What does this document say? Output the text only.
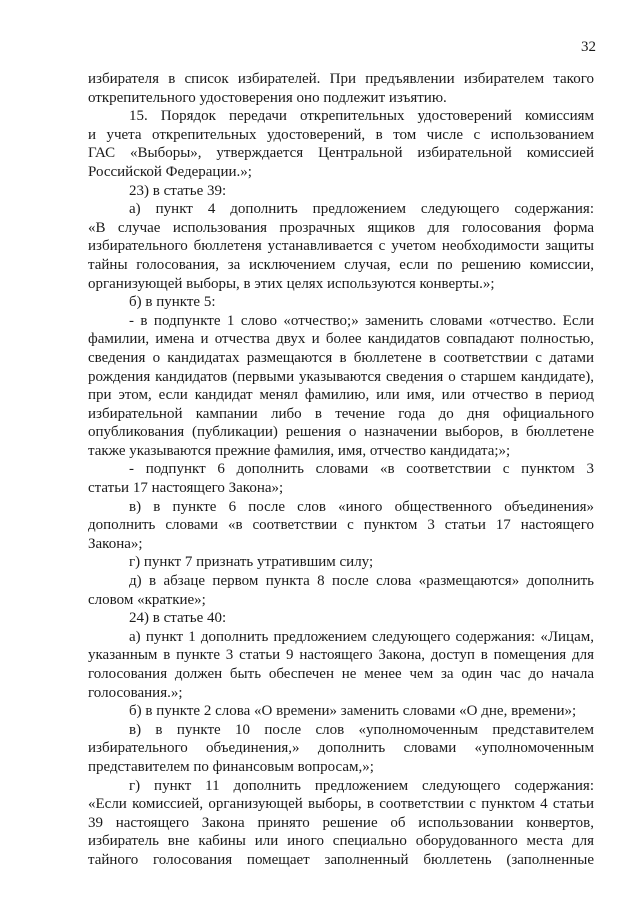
32
избирателя в список избирателей. При предъявлении избирателем такого
открепительного удостоверения оно подлежит изъятию.
15. Порядок передачи открепительных удостоверений комиссиям
и учета открепительных удостоверений, в том числе с использованием
ГАС «Выборы», утверждается Центральной избирательной комиссией
Российской Федерации.»;
23) в статье 39:
а) пункт 4 дополнить предложением следующего содержания:
«В случае использования прозрачных ящиков для голосования форма
избирательного бюллетеня устанавливается с учетом необходимости защиты
тайны голосования, за исключением случая, если по решению комиссии,
организующей выборы, в этих целях используются конверты.»;
б) в пункте 5:
- в подпункте 1 слово «отчество;» заменить словами «отчество. Если
фамилии, имена и отчества двух и более кандидатов совпадают полностью,
сведения о кандидатах размещаются в бюллетене в соответствии с датами
рождения кандидатов (первыми указываются сведения о старшем кандидате),
при этом, если кандидат менял фамилию, или имя, или отчество в период
избирательной кампании либо в течение года до дня официального
опубликования (публикации) решения о назначении выборов, в бюллетене
также указываются прежние фамилия, имя, отчество кандидата;»;
- подпункт 6 дополнить словами «в соответствии с пунктом 3
статьи 17 настоящего Закона»;
в) в пункте 6 после слов «иного общественного объединения»
дополнить словами «в соответствии с пунктом 3 статьи 17 настоящего
Закона»;
г) пункт 7 признать утратившим силу;
д) в абзаце первом пункта 8 после слова «размещаются» дополнить
словом «краткие»;
24) в статье 40:
а) пункт 1 дополнить предложением следующего содержания: «Лицам,
указанным в пункте 3 статьи 9 настоящего Закона, доступ в помещения для
голосования должен быть обеспечен не менее чем за один час до начала
голосования.»;
б) в пункте 2 слова «О времени» заменить словами «О дне, времени»;
в) в пункте 10 после слов «уполномоченным представителем
избирательного объединения,» дополнить словами «уполномоченным
представителем по финансовым вопросам,»;
г) пункт 11 дополнить предложением следующего содержания:
«Если комиссией, организующей выборы, в соответствии с пунктом 4 статьи
39 настоящего Закона принято решение об использовании конвертов,
избиратель вне кабины или иного специально оборудованного места для
тайного голосования помещает заполненный бюллетень (заполненные
